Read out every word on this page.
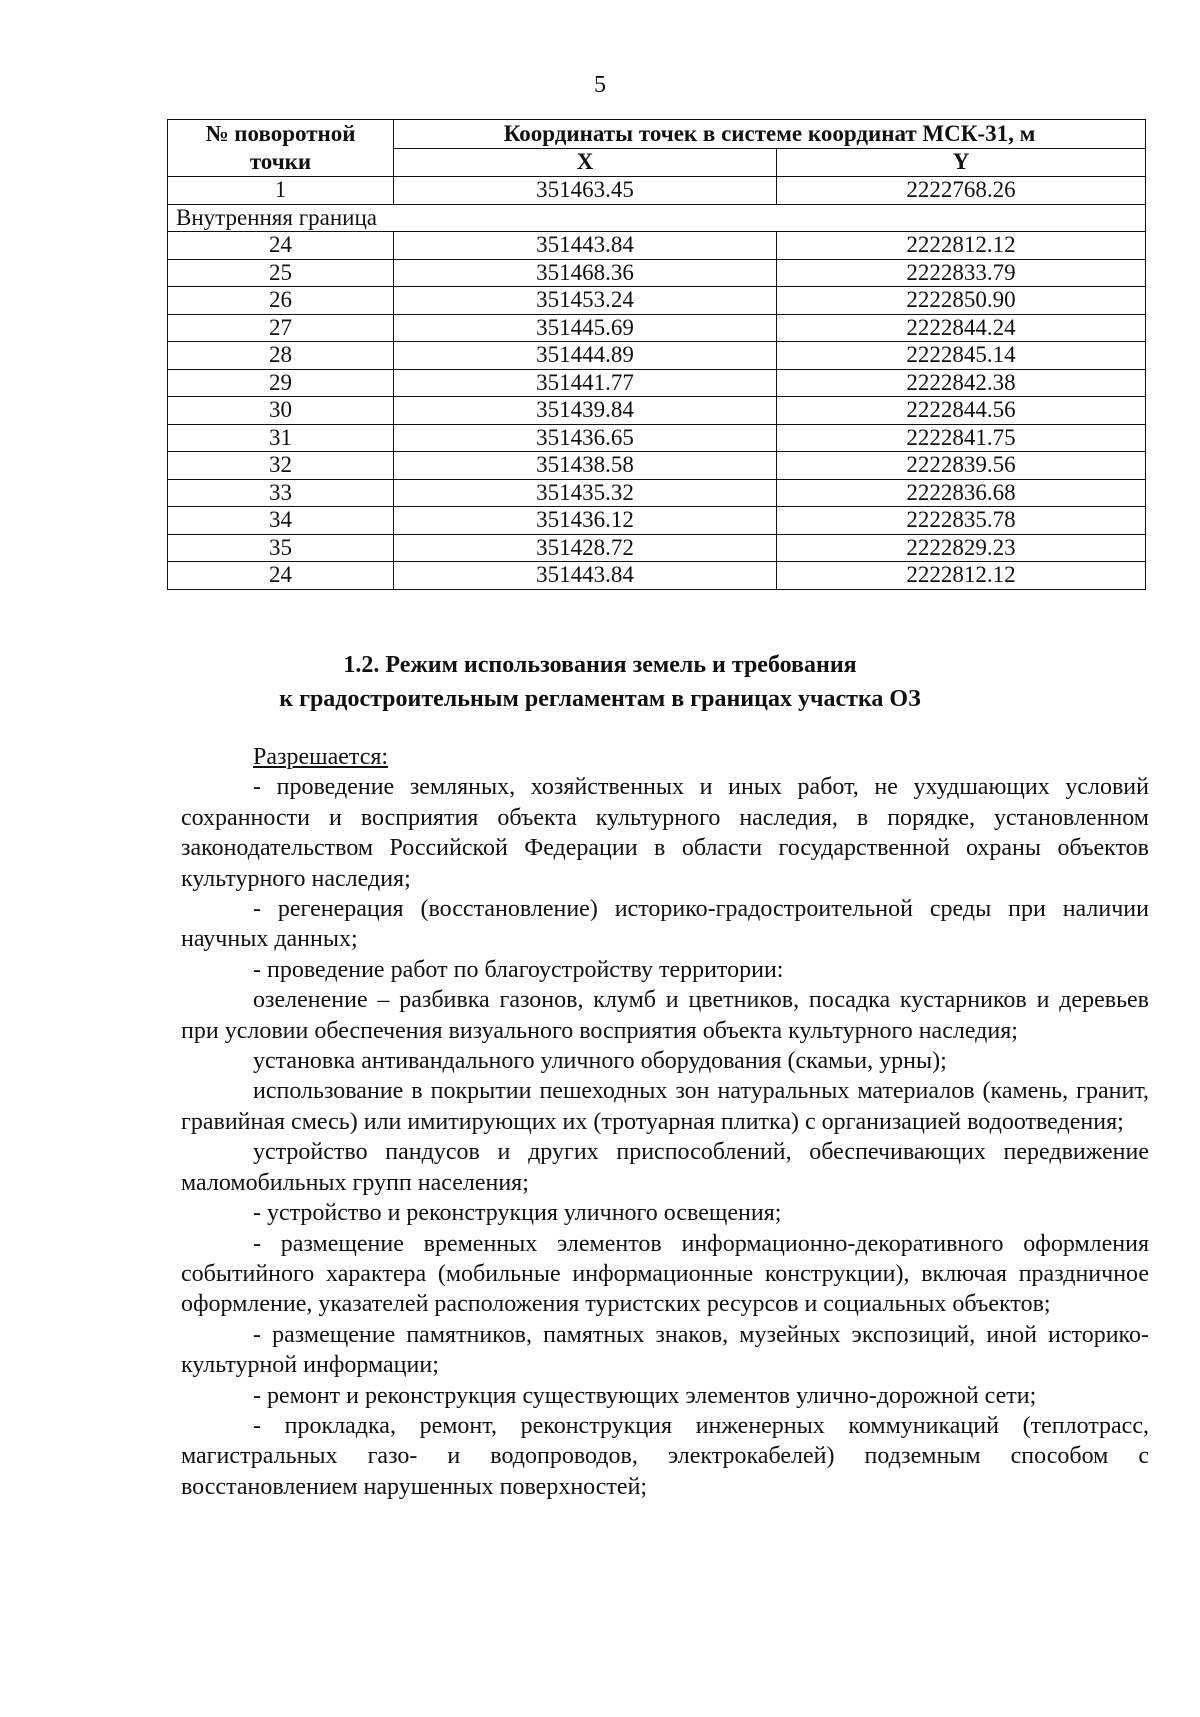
5
№ поворотной точки	Координаты точек в системе координат МСК-31, м	
	X	Y
1	351463.45	2222768.26
Внутренняя граница		
24	351443.84	2222812.12
25	351468.36	2222833.79
26	351453.24	2222850.90
27	351445.69	2222844.24
28	351444.89	2222845.14
29	351441.77	2222842.38
30	351439.84	2222844.56
31	351436.65	2222841.75
32	351438.58	2222839.56
33	351435.32	2222836.68
34	351436.12	2222835.78
35	351428.72	2222829.23
24	351443.84	2222812.12
1.2. Режим использования земель и требования
к градостроительным регламентам в границах участка ОЗ

Разрешается:

- проведение земляных, хозяйственных и иных работ, не ухудшающих условий сохранности и восприятия объекта культурного наследия, в порядке, установленном законодательством Российской Федерации в области государственной охраны объектов культурного наследия;

- регенерация (восстановление) историко-градостроительной среды при наличии научных данных;

- проведение работ по благоустройству территории:

озеленение – разбивка газонов, клумб и цветников, посадка кустарников и деревьев при условии обеспечения визуального восприятия объекта культурного наследия;

установка антивандального уличного оборудования (скамьи, урны);

использование в покрытии пешеходных зон натуральных материалов (камень, гранит, гравийная смесь) или имитирующих их (тротуарная плитка) с организацией водоотведения;

устройство пандусов и других приспособлений, обеспечивающих передвижение маломобильных групп населения;

- устройство и реконструкция уличного освещения;

- размещение временных элементов информационно-декоративного оформления событийного характера (мобильные информационные конструкции), включая праздничное оформление, указателей расположения туристских ресурсов и социальных объектов;

- размещение памятников, памятных знаков, музейных экспозиций, иной историко-культурной информации;

- ремонт и реконструкция существующих элементов улично-дорожной сети;

- прокладка, ремонт, реконструкция инженерных коммуникаций (теплотрасс, магистральных газо- и водопроводов, электрокабелей) подземным способом с восстановлением нарушенных поверхностей;
